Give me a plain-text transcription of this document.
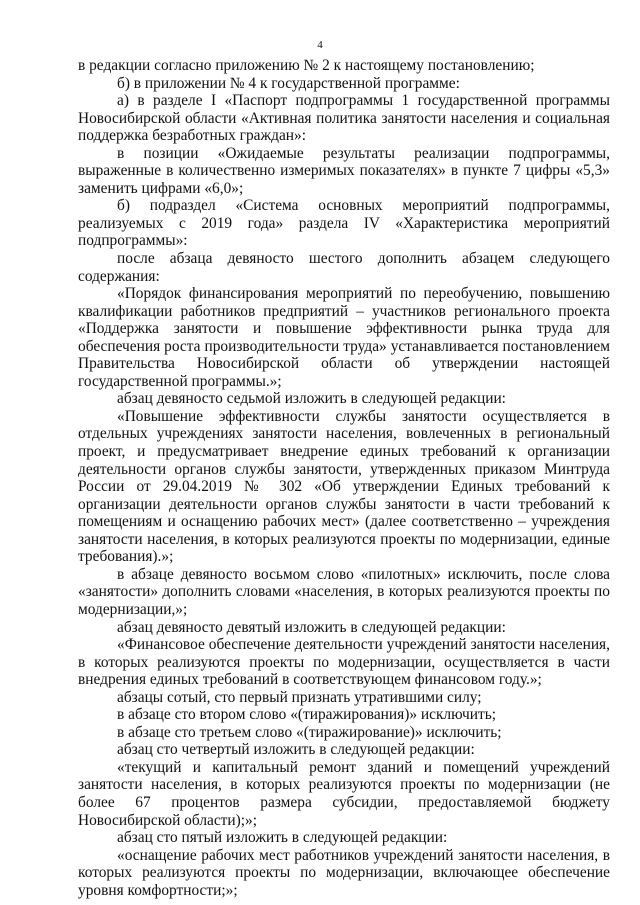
4

в редакции согласно приложению № 2 к настоящему постановлению;

б) в приложении № 4 к государственной программе:

а) в разделе I «Паспорт подпрограммы 1 государственной программы Новосибирской области «Активная политика занятости населения и социальная поддержка безработных граждан»:

в позиции «Ожидаемые результаты реализации подпрограммы, выраженные в количественно измеримых показателях» в пункте 7 цифры «5,3» заменить цифрами «6,0»;

б) подраздел «Система основных мероприятий подпрограммы, реализуемых с 2019 года» раздела IV «Характеристика мероприятий подпрограммы»:

после абзаца девяносто шестого дополнить абзацем следующего содержания:

«Порядок финансирования мероприятий по переобучению, повышению квалификации работников предприятий – участников регионального проекта «Поддержка занятости и повышение эффективности рынка труда для обеспечения роста производительности труда» устанавливается постановлением Правительства Новосибирской области об утверждении настоящей государственной программы.»;

абзац девяносто седьмой изложить в следующей редакции:

«Повышение эффективности службы занятости осуществляется в отдельных учреждениях занятости населения, вовлеченных в региональный проект, и предусматривает внедрение единых требований к организации деятельности органов службы занятости, утвержденных приказом Минтруда России от 29.04.2019 № 302 «Об утверждении Единых требований к организации деятельности органов службы занятости в части требований к помещениям и оснащению рабочих мест» (далее соответственно – учреждения занятости населения, в которых реализуются проекты по модернизации, единые требования).»;

в абзаце девяносто восьмом слово «пилотных» исключить, после слова «занятости» дополнить словами «населения, в которых реализуются проекты по модернизации,»;

абзац девяносто девятый изложить в следующей редакции:

«Финансовое обеспечение деятельности учреждений занятости населения, в которых реализуются проекты по модернизации, осуществляется в части внедрения единых требований в соответствующем финансовом году.»;

абзацы сотый, сто первый признать утратившими силу;

в абзаце сто втором слово «(тиражирования)» исключить;

в абзаце сто третьем слово «(тиражирование)» исключить;

абзац сто четвертый изложить в следующей редакции:

«текущий и капитальный ремонт зданий и помещений учреждений занятости населения, в которых реализуются проекты по модернизации (не более 67 процентов размера субсидии, предоставляемой бюджету Новосибирской области);»;

абзац сто пятый изложить в следующей редакции:

«оснащение рабочих мест работников учреждений занятости населения, в которых реализуются проекты по модернизации, включающее обеспечение уровня комфортности;»;
